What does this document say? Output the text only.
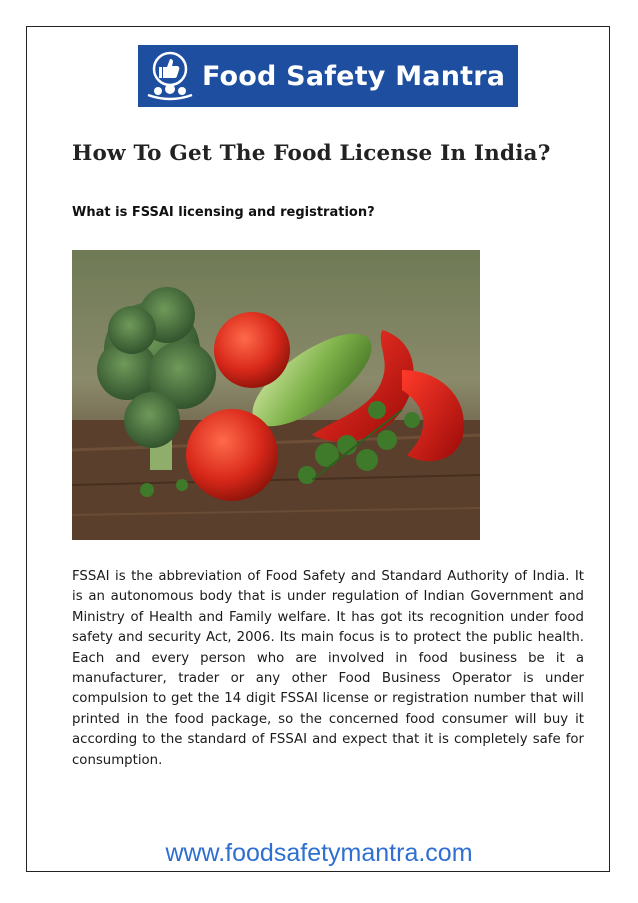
Food Safety Mantra
How To Get The Food License In India?
What is FSSAI licensing and registration?

FSSAI is the abbreviation of Food Safety and Standard Authority of India. It is an autonomous body that is under regulation of Indian Government and Ministry of Health and Family welfare. It has got its recognition under food safety and security Act, 2006. Its main focus is to protect the public health. Each and every person who are involved in food business be it a manufacturer, trader or any other Food Business Operator is under compulsion to get the 14 digit FSSAI license or registration number that will printed in the food package, so the concerned food consumer will buy it according to the standard of FSSAI and expect that it is completely safe for consumption.

www.foodsafetymantra.com
